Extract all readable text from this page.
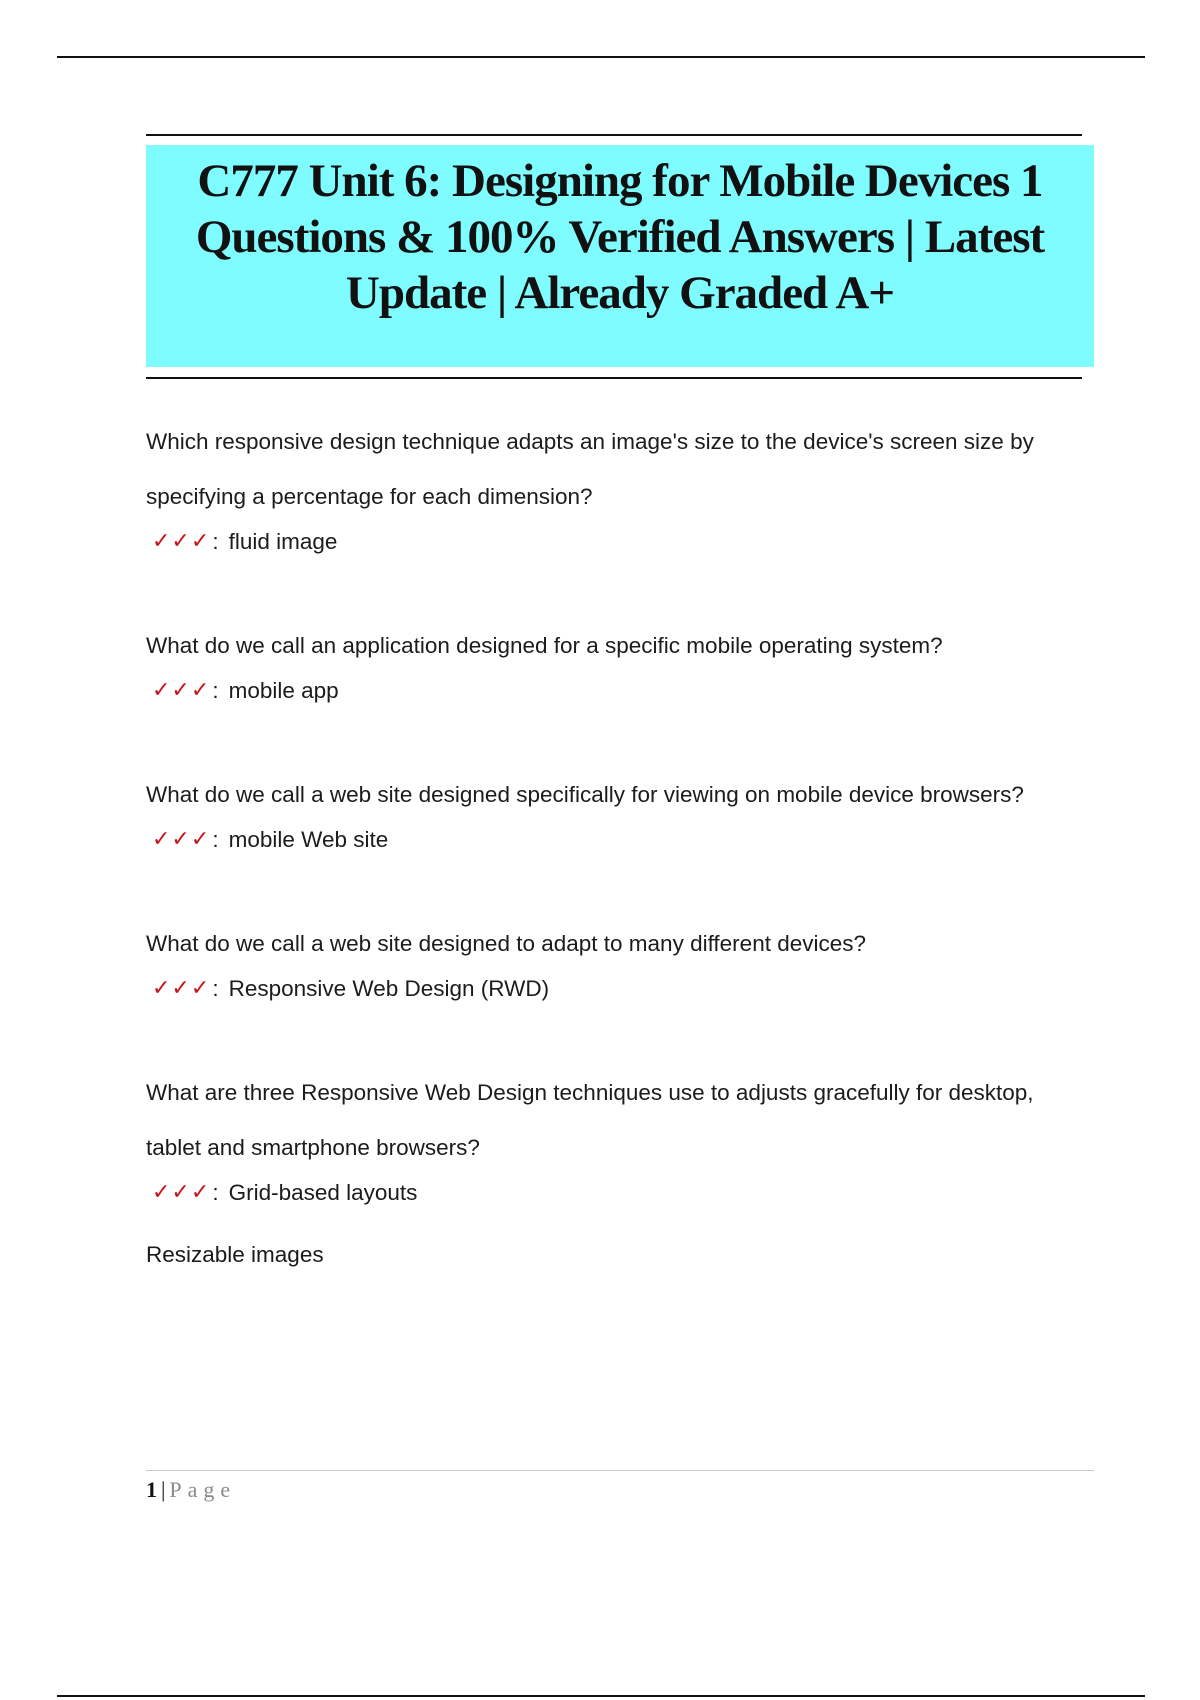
C777 Unit 6: Designing for Mobile Devices 1 Questions & 100% Verified Answers | Latest Update | Already Graded A+

Which responsive design technique adapts an image's size to the device's screen size by specifying a percentage for each dimension?

✓✓✓ : fluid image

What do we call an application designed for a specific mobile operating system?

✓✓✓ : mobile app

What do we call a web site designed specifically for viewing on mobile device browsers?

✓✓✓ : mobile Web site

What do we call a web site designed to adapt to many different devices?

✓✓✓ : Responsive Web Design (RWD)

What are three Responsive Web Design techniques use to adjusts gracefully for desktop, tablet and smartphone browsers?

✓✓✓ : Grid-based layouts
Resizable images
1 | Page
